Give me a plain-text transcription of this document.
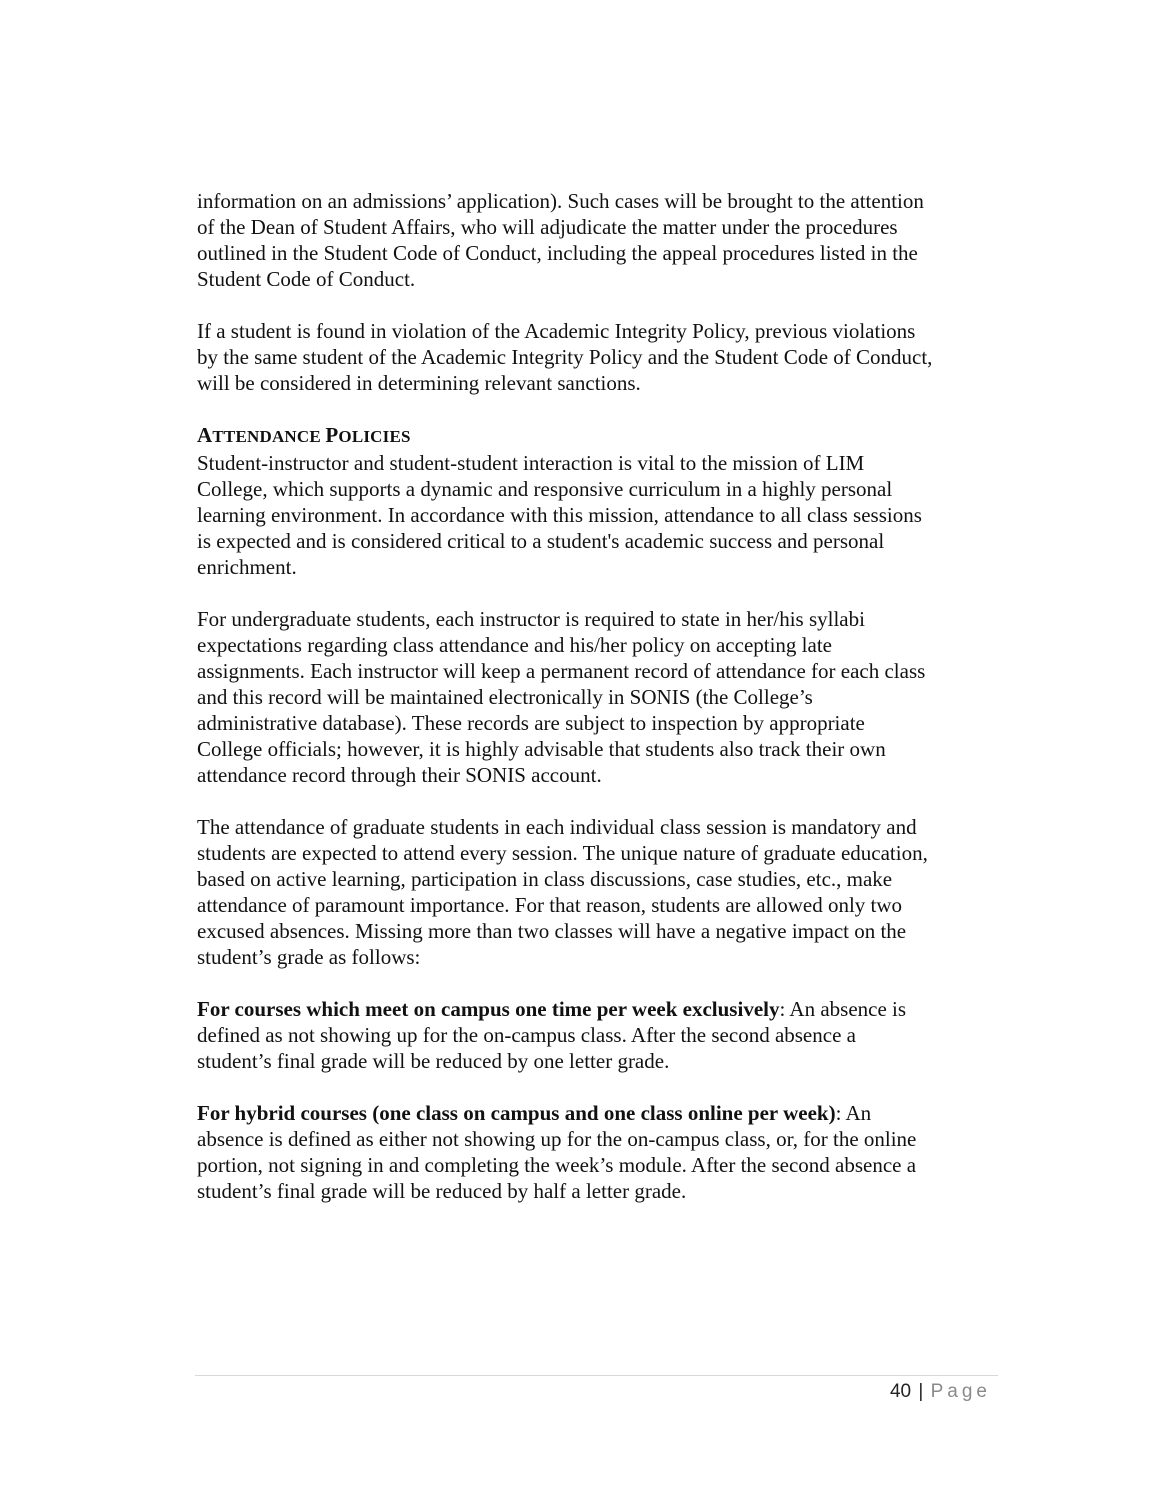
information on an admissions’ application). Such cases will be brought to the attention
of the Dean of Student Affairs, who will adjudicate the matter under the procedures
outlined in the Student Code of Conduct, including the appeal procedures listed in the
Student Code of Conduct.

If a student is found in violation of the Academic Integrity Policy, previous violations
by the same student of the Academic Integrity Policy and the Student Code of Conduct,
will be considered in determining relevant sanctions.

ATTENDANCE POLICIES

Student-instructor and student-student interaction is vital to the mission of LIM
College, which supports a dynamic and responsive curriculum in a highly personal
learning environment. In accordance with this mission, attendance to all class sessions
is expected and is considered critical to a student's academic success and personal
enrichment.

For undergraduate students, each instructor is required to state in her/his syllabi
expectations regarding class attendance and his/her policy on accepting late
assignments. Each instructor will keep a permanent record of attendance for each class
and this record will be maintained electronically in SONIS (the College’s
administrative database). These records are subject to inspection by appropriate
College officials; however, it is highly advisable that students also track their own
attendance record through their SONIS account.

The attendance of graduate students in each individual class session is mandatory and
students are expected to attend every session. The unique nature of graduate education,
based on active learning, participation in class discussions, case studies, etc., make
attendance of paramount importance. For that reason, students are allowed only two
excused absences. Missing more than two classes will have a negative impact on the
student’s grade as follows:

For courses which meet on campus one time per week exclusively: An absence is
defined as not showing up for the on-campus class. After the second absence a
student’s final grade will be reduced by one letter grade.

For hybrid courses (one class on campus and one class online per week): An
absence is defined as either not showing up for the on-campus class, or, for the online
portion, not signing in and completing the week’s module. After the second absence a
student’s final grade will be reduced by half a letter grade.

40 | Page
